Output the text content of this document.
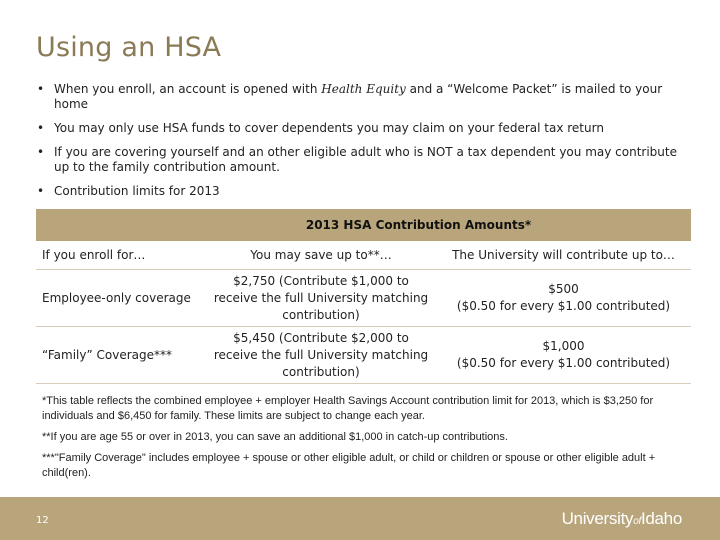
Using an HSA
• When you enroll, an account is opened with Health Equity and a “Welcome Packet” is mailed to your home
• You may only use HSA funds to cover dependents you may claim on your federal tax return
• If you are covering yourself and an other eligible adult who is NOT a tax dependent you may contribute up to the family contribution amount.
• Contribution limits for 2013
2013 HSA Contribution Amounts*
If you enroll for…	You may save up to**…	The University will contribute up to…
Employee-only coverage	$2,750 (Contribute $1,000 to receive the full University matching contribution)	$500
($0.50 for every $1.00 contributed)

“Family” Coverage***	$5,450 (Contribute $2,000 to receive the full University matching contribution)	$1,000
($0.50 for every $1.00 contributed)

*This table reflects the combined employee + employer Health Savings Account contribution limit for 2013, which is $3,250 for individuals and $6,450 for family. These limits are subject to change each year.

**If you are age 55 or over in 2013, you can save an additional $1,000 in catch-up contributions.

***"Family Coverage" includes employee + spouse or other eligible adult, or child or children or spouse or other eligible adult + child(ren).

12	UniversityofIdaho
